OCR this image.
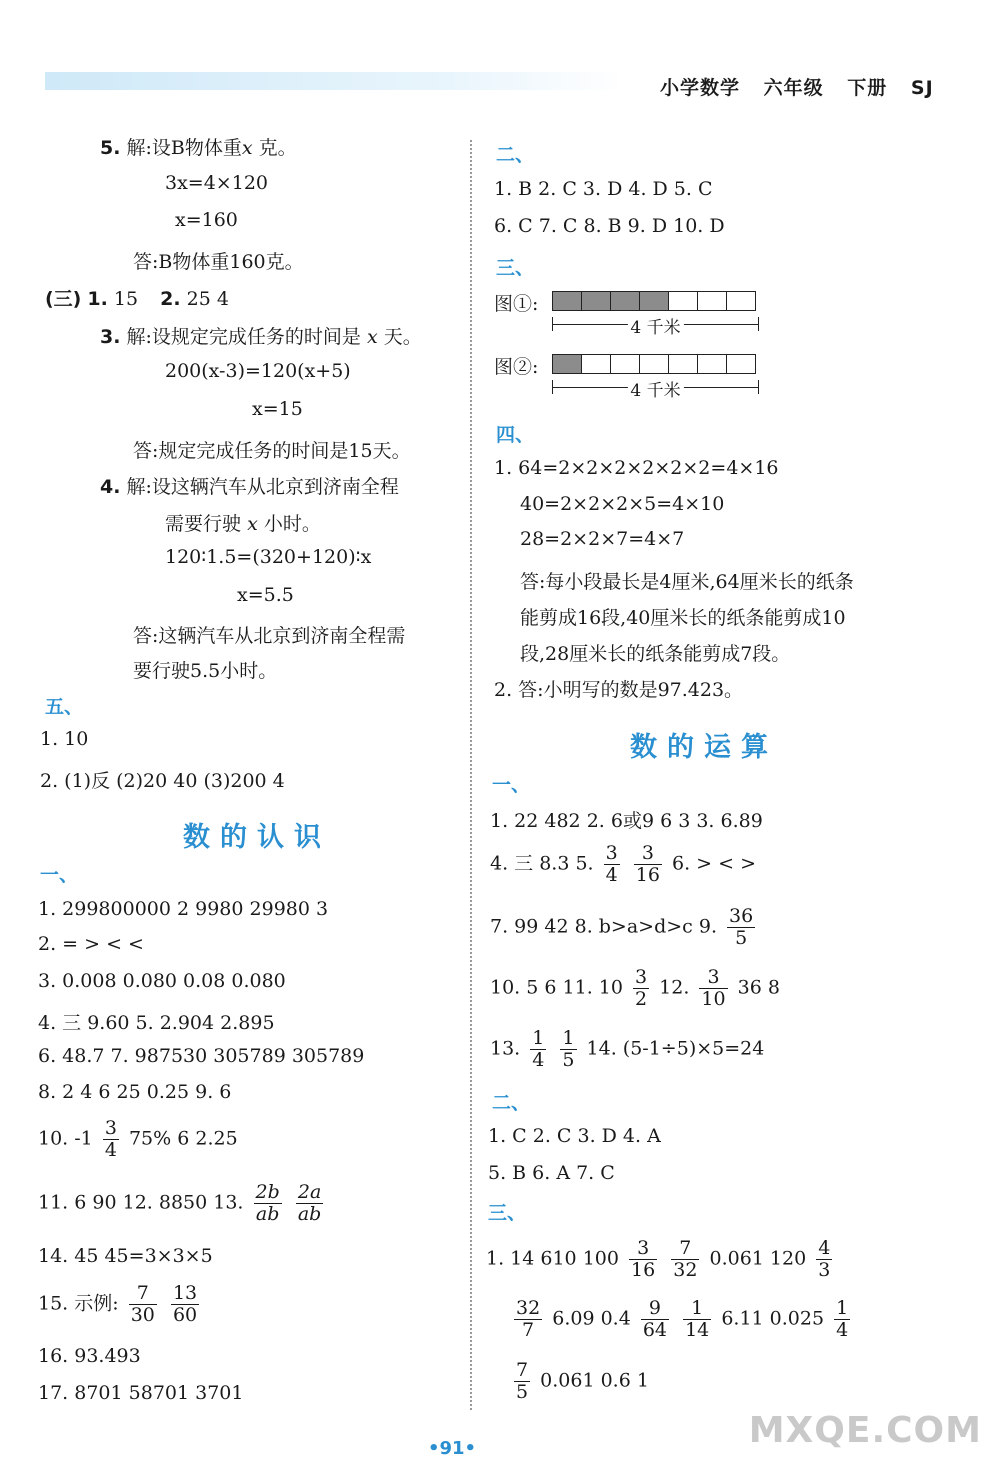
小学数学 六年级 下册 SJ
5. 解:设B物体重x 克。
3x=4×120
x=160
答:B物体重160克。
(三) 1. 15 2. 25 4
3. 解:设规定完成任务的时间是 x 天。
200(x-3)=120(x+5)
x=15
答:规定完成任务的时间是15天。
4. 解:设这辆汽车从北京到济南全程
需要行驶 x 小时。
120∶1.5=(320+120)∶x
x=5.5
答:这辆汽车从北京到济南全程需
要行驶5.5小时。
五、
1. 10
2. (1)反 (2)20 40 (3)200 4
数的认识
一、
1. 299800000 2 9980 29980 3
2. = > < <
3. 0.008 0.080 0.08 0.080
4. 三 9.60 5. 2.904 2.895
6. 48.7 7. 987530 305789 305789
8. 2 4 6 25 0.25 9. 6
10. $-1 \frac{3}{4} 75\%$ 6 2.25
11. 6 90 12. 8850 13. $\frac{2b}{ab}$
$\frac{2a}{ab}$
14. 45 45=3×3×5
15. 示例: $\frac{7}{30}$
$\frac{13}{60}$
16. 93.493
17. 8701 58701 3701
二、
1. B 2. C 3. D 4. D 5. C
6. C 7. C 8. B 9. D 10. D
三、
图①:
4 千米
图②:
4 千米
四、
1. 64=2×2×2×2×2×2=4×16
40=2×2×2×5=4×10
28=2×2×7=4×7
答:每小段最长是4厘米,64厘米长的纸条
能剪成16段,40厘米长的纸条能剪成10
段,28厘米长的纸条能剪成7段。
2. 答:小明写的数是97.423。
数的运算
一、
1. 22 482 2. 6或9 6 3 3. 6.89
4. 三 8.3 5. $\frac{3}{4}$
$\frac{3}{16} 6$. > < >
7. 99 42 8. b>a>d>c 9. $\frac{36}{5}$
10. 5 6 11. $10 \frac{3}{2} 12$. $\frac{3}{10} 36$ 8
13. $\frac{1}{4}$
$\frac{1}{5} 14$. (5-1÷5)×5=24
二、
1. C 2. C 3. D 4. A
5. B 6. A 7. C
三、
1. 14 610 $100 \frac{3}{16}$
$\frac{7}{32} 0.061$ $120 \frac{4}{3}$
$\frac{32}{7} 6.09$ $0.4 \frac{9}{64}$
$\frac{1}{14} 6.11$ $0.025 \frac{1}{4}$
$\frac{7}{5} 0.061$ 0.6 1
•91•	MXQE.COM
